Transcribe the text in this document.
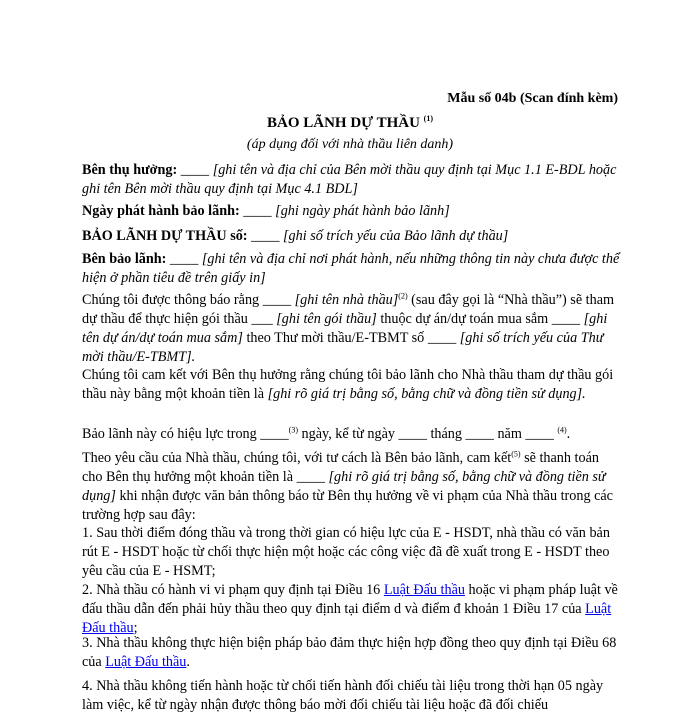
Mẫu số 04b (Scan đính kèm)
BẢO LÃNH DỰ THẦU $^{(1)}$
(áp dụng đối với nhà thầu liên danh)
Bên thụ hưởng: ____ [ghi tên và địa chỉ của Bên mời thầu quy định tại Mục 1.1 E-BDL hoặc ghi tên Bên mời thầu quy định tại Mục 4.1 BDL]
Ngày phát hành bảo lãnh: ____ [ghi ngày phát hành bảo lãnh]
BẢO LÃNH DỰ THẦU số: ____ [ghi số trích yếu của Bảo lãnh dự thầu]
Bên bảo lãnh: ____ [ghi tên và địa chỉ nơi phát hành, nếu những thông tin này chưa được thể hiện ở phần tiêu đề trên giấy in]
Chúng tôi được thông báo rằng ____ [ghi tên nhà thầu]$^{(2)}$ (sau đây gọi là “Nhà thầu”) sẽ tham dự thầu để thực hiện gói thầu ___ [ghi tên gói thầu] thuộc dự án/dự toán mua sắm ____ [ghi tên dự án/dự toán mua sắm] theo Thư mời thầu/E-TBMT số ____ [ghi số trích yếu của Thư mời thầu/E-TBMT].
Chúng tôi cam kết với Bên thụ hưởng rằng chúng tôi bảo lãnh cho Nhà thầu tham dự thầu gói thầu này bằng một khoản tiền là [ghi rõ giá trị bằng số, bằng chữ và đồng tiền sử dụng].
Bảo lãnh này có hiệu lực trong ____$^{(3)}$ ngày, kể từ ngày ____ tháng ____ năm ____ $^{(4)}$.
Theo yêu cầu của Nhà thầu, chúng tôi, với tư cách là Bên bảo lãnh, cam kết$^{(5)}$ sẽ thanh toán cho Bên thụ hưởng một khoản tiền là ____ [ghi rõ giá trị bằng số, bằng chữ và đồng tiền sử dụng] khi nhận được văn bản thông báo từ Bên thụ hưởng về vi phạm của Nhà thầu trong các trường hợp sau đây:
1. Sau thời điểm đóng thầu và trong thời gian có hiệu lực của E - HSDT, nhà thầu có văn bản rút E - HSDT hoặc từ chối thực hiện một hoặc các công việc đã đề xuất trong E - HSDT theo yêu cầu của E - HSMT;
2. Nhà thầu có hành vi vi phạm quy định tại Điều 16 Luật Đấu thầu hoặc vi phạm pháp luật về đấu thầu dẫn đến phải hủy thầu theo quy định tại điểm d và điểm đ khoản 1 Điều 17 của Luật Đấu thầu;
3. Nhà thầu không thực hiện biện pháp bảo đảm thực hiện hợp đồng theo quy định tại Điều 68 của Luật Đấu thầu.
4. Nhà thầu không tiến hành hoặc từ chối tiến hành đối chiếu tài liệu trong thời hạn 05 ngày làm việc, kể từ ngày nhận được thông báo mời đối chiếu tài liệu hoặc đã đối chiếu
